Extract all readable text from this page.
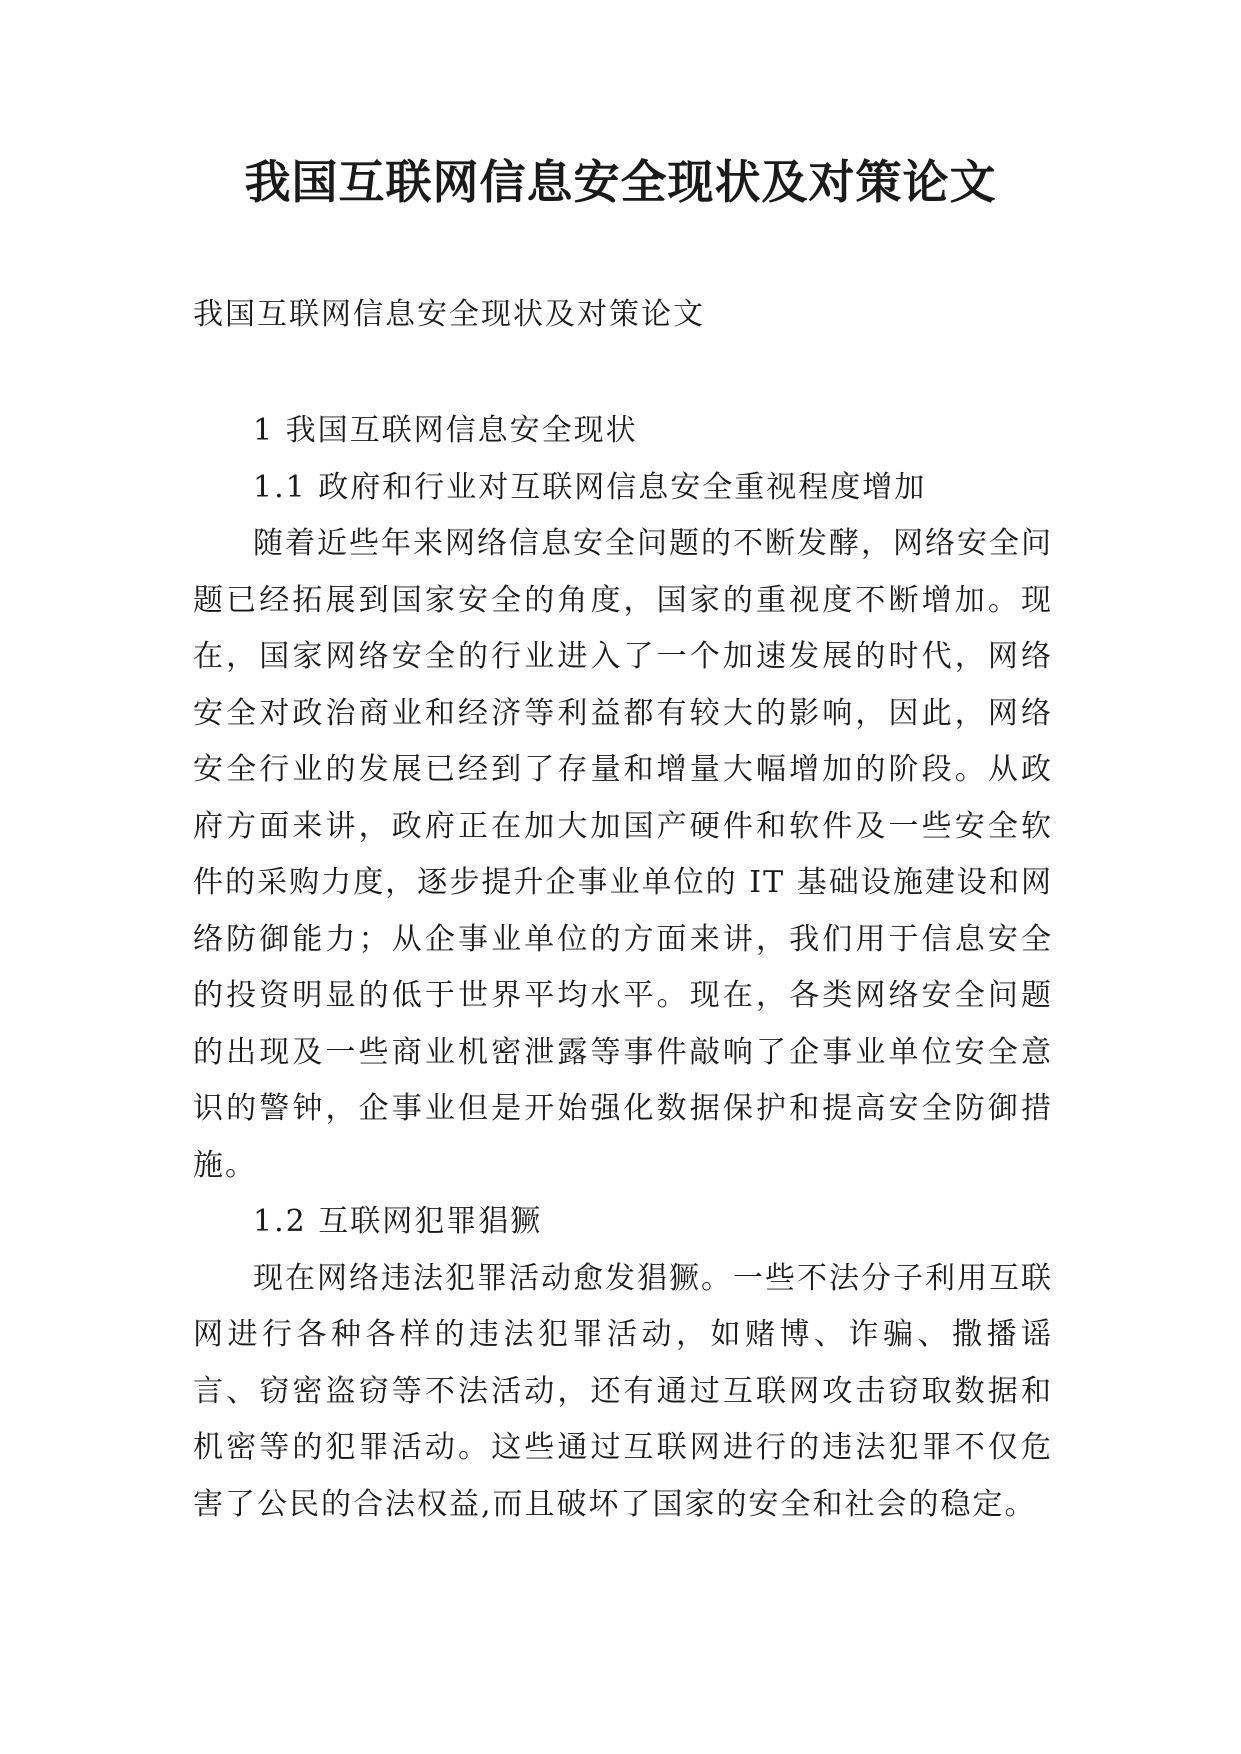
我国互联网信息安全现状及对策论文

我国互联网信息安全现状及对策论文

1 我国互联网信息安全现状

1.1 政府和行业对互联网信息安全重视程度增加

随着近些年来网络信息安全问题的不断发酵，网络安全问题已经拓展到国家安全的角度，国家的重视度不断增加。现在，国家网络安全的行业进入了一个加速发展的时代，网络安全对政治商业和经济等利益都有较大的影响，因此，网络安全行业的发展已经到了存量和增量大幅增加的阶段。从政府方面来讲，政府正在加大加国产硬件和软件及一些安全软件的采购力度，逐步提升企事业单位的 IT 基础设施建设和网络防御能力；从企事业单位的方面来讲，我们用于信息安全的投资明显的低于世界平均水平。现在，各类网络安全问题的出现及一些商业机密泄露等事件敲响了企事业单位安全意识的警钟，企事业但是开始强化数据保护和提高安全防御措施。

1.2 互联网犯罪猖獗

现在网络违法犯罪活动愈发猖獗。一些不法分子利用互联网进行各种各样的违法犯罪活动，如赌博、诈骗、撒播谣言、窃密盗窃等不法活动，还有通过互联网攻击窃取数据和机密等的犯罪活动。这些通过互联网进行的违法犯罪不仅危害了公民的合法权益,而且破坏了国家的安全和社会的稳定。
